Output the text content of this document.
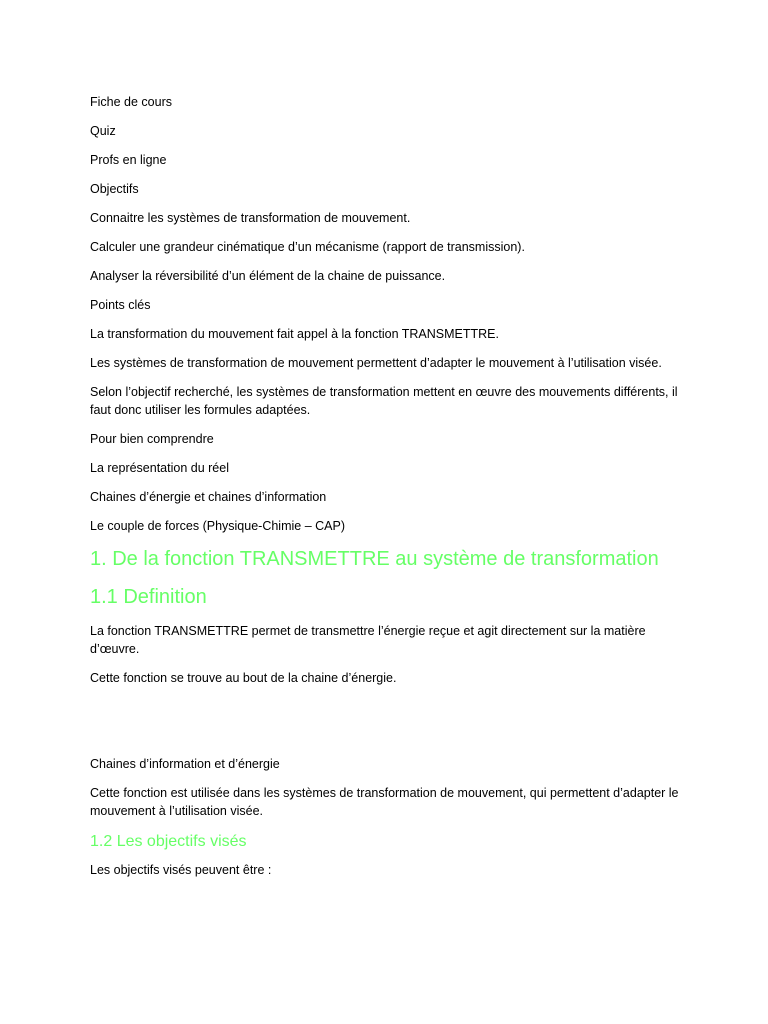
Fiche de cours

Quiz

Profs en ligne

Objectifs

Connaitre les systèmes de transformation de mouvement.

Calculer une grandeur cinématique d’un mécanisme (rapport de transmission).

Analyser la réversibilité d’un élément de la chaine de puissance.

Points clés

La transformation du mouvement fait appel à la fonction TRANSMETTRE.

Les systèmes de transformation de mouvement permettent d’adapter le mouvement à l’utilisation visée.

Selon l’objectif recherché, les systèmes de transformation mettent en œuvre des mouvements différents, il faut donc utiliser les formules adaptées.

Pour bien comprendre

La représentation du réel

Chaines d’énergie et chaines d’information

Le couple de forces (Physique-Chimie – CAP)

1. De la fonction TRANSMETTRE au système de transformation
1.1 Definition

La fonction TRANSMETTRE permet de transmettre l’énergie reçue et agit directement sur la matière d’œuvre.

Cette fonction se trouve au bout de la chaine d’énergie.

Chaines d’information et d’énergie

Cette fonction est utilisée dans les systèmes de transformation de mouvement, qui permettent d’adapter le mouvement à l’utilisation visée.

1.2 Les objectifs visés

Les objectifs visés peuvent être :
